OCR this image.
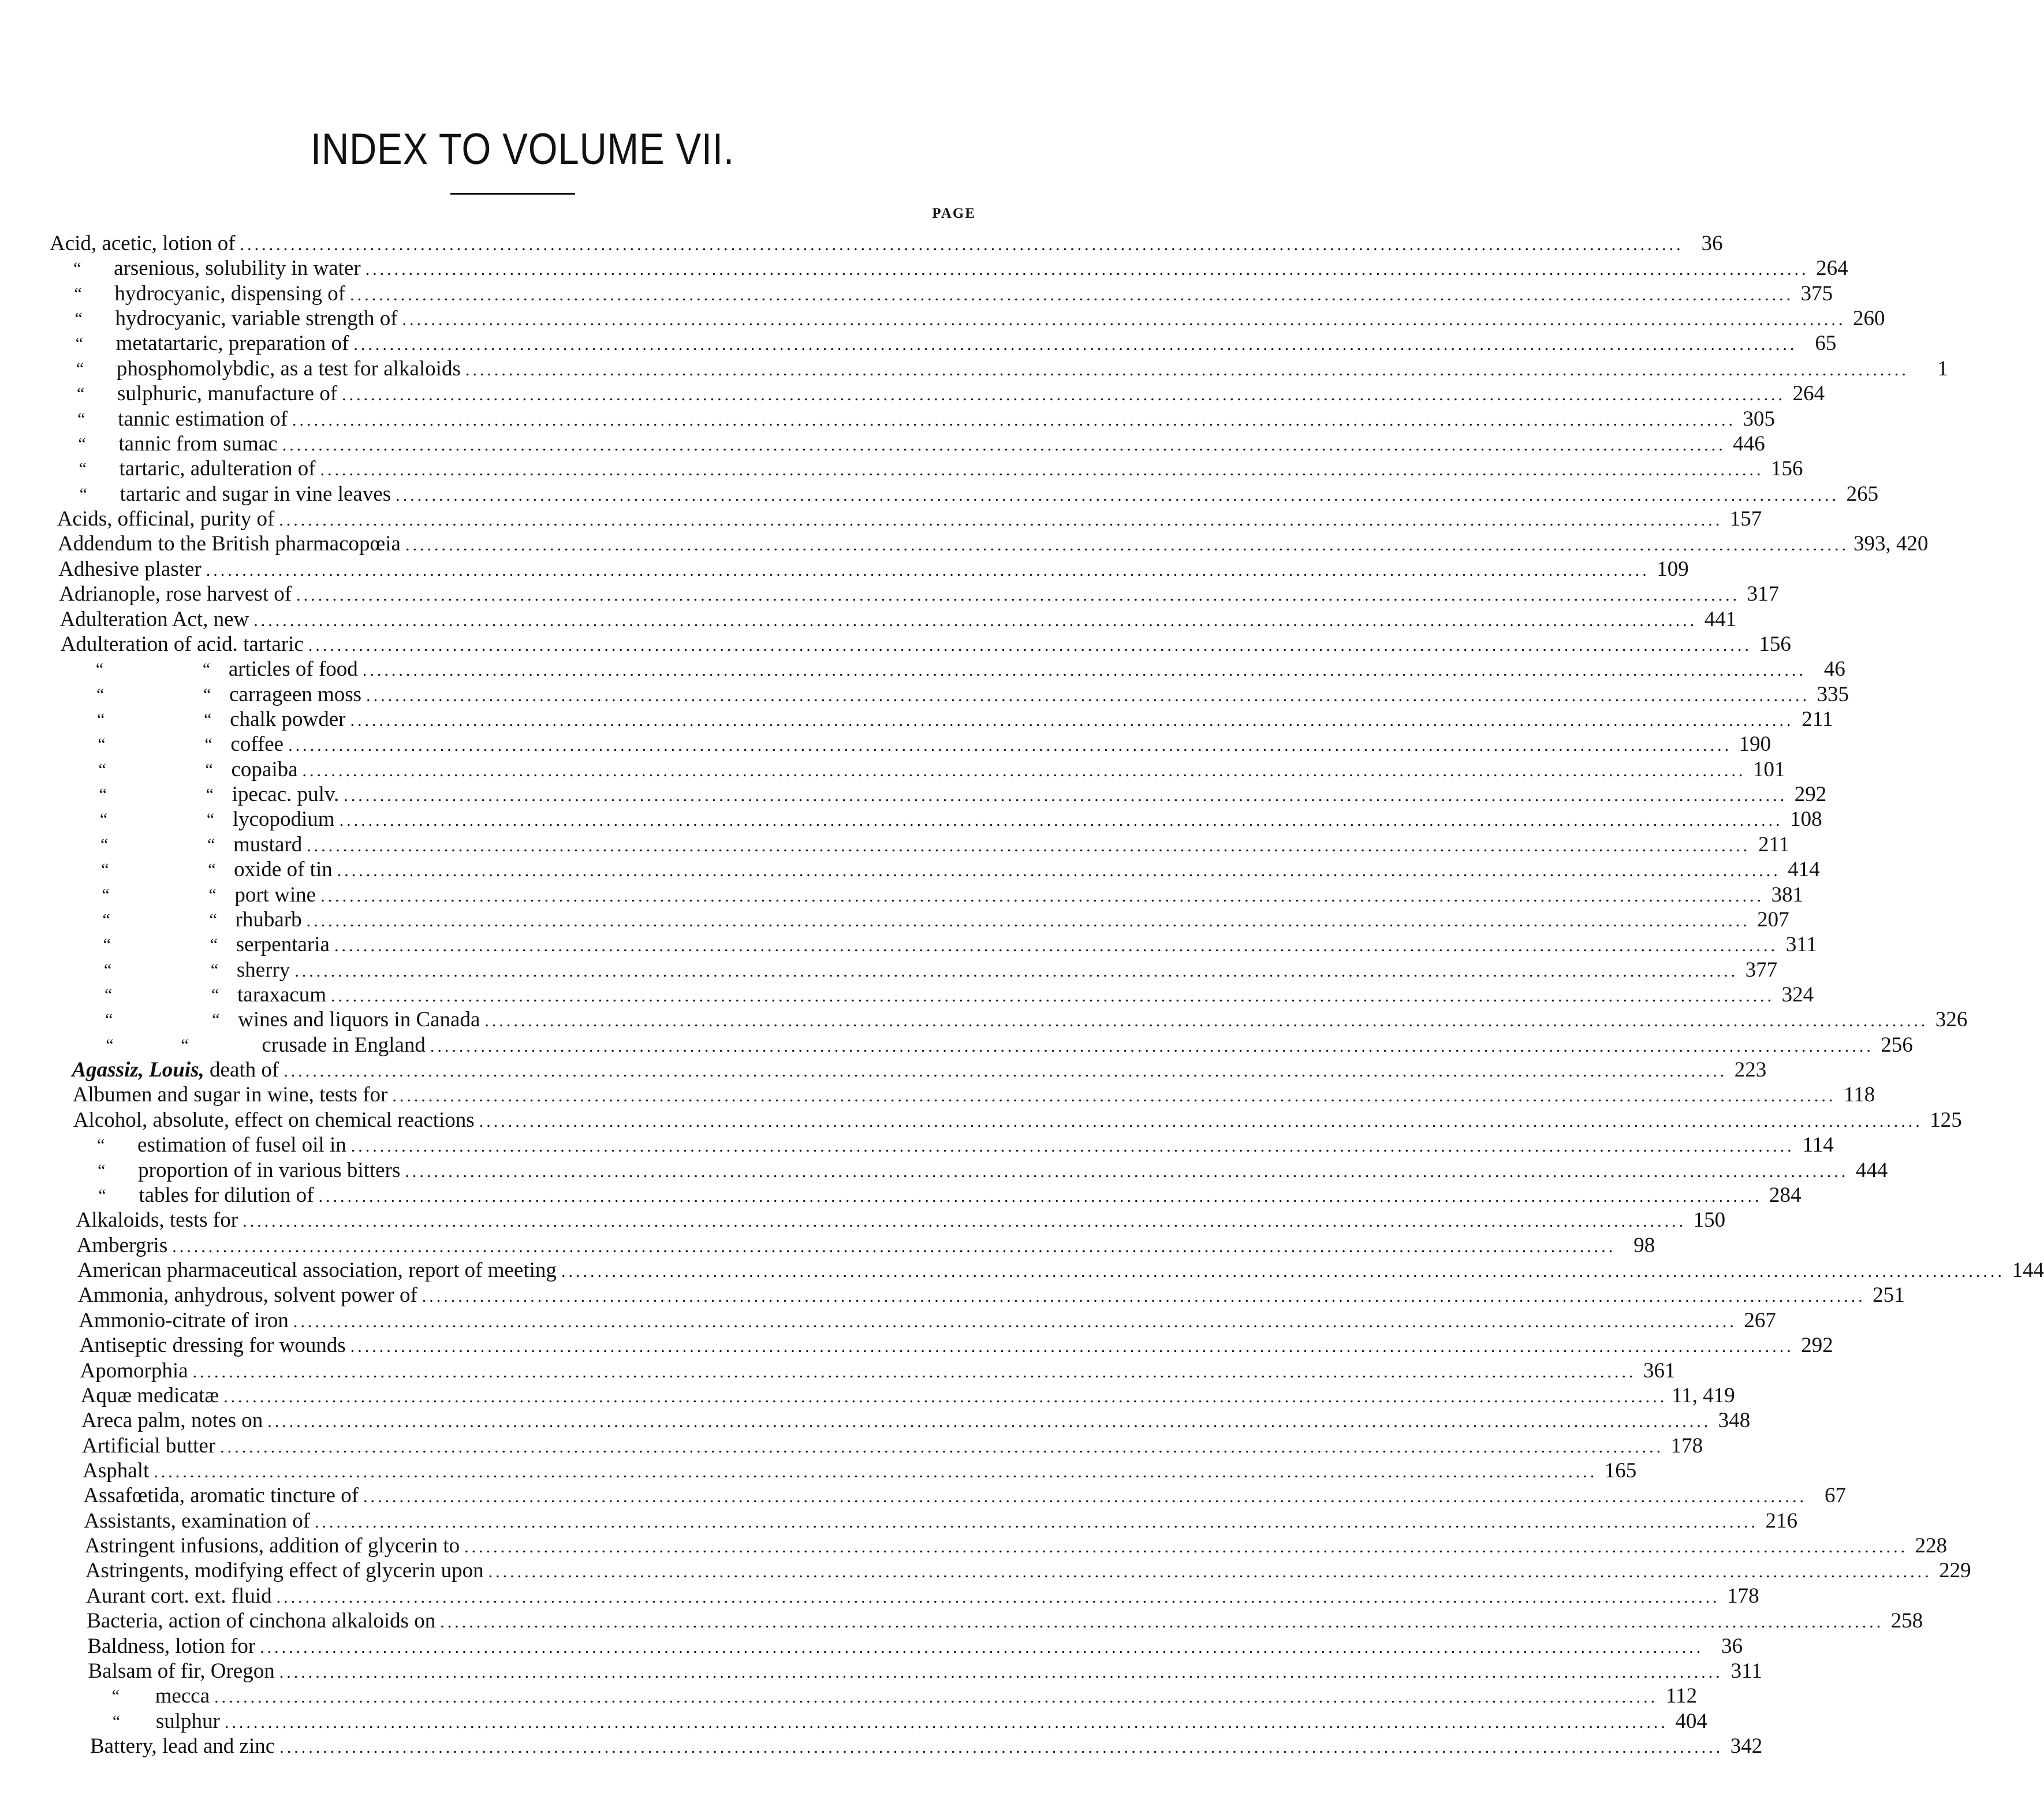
INDEX TO VOLUME VII.
PAGE
Acid, acetic, lotion of ........................................................................................................................................................................................................ 36
“ arsenious, solubility in water ........................................................................................................................................................................................................ 264
“ hydrocyanic, dispensing of ........................................................................................................................................................................................................ 375
“ hydrocyanic, variable strength of ........................................................................................................................................................................................................ 260
“ metatartaric, preparation of ........................................................................................................................................................................................................ 65
“ phosphomolybdic, as a test for alkaloids ........................................................................................................................................................................................................	1
“ sulphuric, manufacture of ........................................................................................................................................................................................................ 264
“ tannic estimation of ........................................................................................................................................................................................................ 305
“ tannic from sumac ........................................................................................................................................................................................................ 446
“ tartaric, adulteration of ........................................................................................................................................................................................................ 156
“ tartaric and sugar in vine leaves ........................................................................................................................................................................................................ 265
Acids, officinal, purity of ........................................................................................................................................................................................................ 157
Addendum to the British pharmacopœia ........................................................................................................................................................................................................ 393, 420
Adhesive plaster ........................................................................................................................................................................................................ 109
Adrianople, rose harvest of ........................................................................................................................................................................................................ 317
Adulteration Act, new ........................................................................................................................................................................................................ 441
Adulteration of acid. tartaric ........................................................................................................................................................................................................ 156
“	“ articles of food ........................................................................................................................................................................................................ 46
“	“ carrageen moss ........................................................................................................................................................................................................ 335
“	“ chalk powder ........................................................................................................................................................................................................ 211
“	“ coffee ........................................................................................................................................................................................................ 190
“	“ copaiba ........................................................................................................................................................................................................ 101
“	“ ipecac. pulv. ........................................................................................................................................................................................................ 292
“	“ lycopodium ........................................................................................................................................................................................................ 108
“	“ mustard ........................................................................................................................................................................................................ 211
“	“ oxide of tin ........................................................................................................................................................................................................ 414
“	“ port wine ........................................................................................................................................................................................................ 381
“	“ rhubarb ........................................................................................................................................................................................................ 207
“	“ serpentaria ........................................................................................................................................................................................................ 311
“	“ sherry ........................................................................................................................................................................................................ 377
“	“ taraxacum ........................................................................................................................................................................................................ 324
“	“ wines and liquors in Canada ........................................................................................................................................................................................................ 326
“	“	crusade in England ........................................................................................................................................................................................................ 256
Agassiz, Louis, death of ........................................................................................................................................................................................................ 223
Albumen and sugar in wine, tests for ........................................................................................................................................................................................................ 118
Alcohol, absolute, effect on chemical reactions ........................................................................................................................................................................................................ 125
“ estimation of fusel oil in ........................................................................................................................................................................................................ 114
“ proportion of in various bitters ........................................................................................................................................................................................................ 444
“ tables for dilution of ........................................................................................................................................................................................................ 284
Alkaloids, tests for ........................................................................................................................................................................................................ 150
Ambergris ........................................................................................................................................................................................................ 98
American pharmaceutical association, report of meeting ........................................................................................................................................................................................................ 144
Ammonia, anhydrous, solvent power of ........................................................................................................................................................................................................ 251
Ammonio-citrate of iron ........................................................................................................................................................................................................ 267
Antiseptic dressing for wounds ........................................................................................................................................................................................................ 292
Apomorphia ........................................................................................................................................................................................................ 361
Aquæ medicatæ ........................................................................................................................................................................................................ 11, 419
Areca palm, notes on ........................................................................................................................................................................................................ 348
Artificial butter ........................................................................................................................................................................................................ 178
Asphalt ........................................................................................................................................................................................................ 165
Assafœtida, aromatic tincture of ........................................................................................................................................................................................................ 67
Assistants, examination of ........................................................................................................................................................................................................ 216
Astringent infusions, addition of glycerin to ........................................................................................................................................................................................................ 228
Astringents, modifying effect of glycerin upon ........................................................................................................................................................................................................ 229
Aurant cort. ext. fluid ........................................................................................................................................................................................................ 178
Bacteria, action of cinchona alkaloids on ........................................................................................................................................................................................................ 258
Baldness, lotion for ........................................................................................................................................................................................................ 36
Balsam of fir, Oregon ........................................................................................................................................................................................................ 311
“ mecca ........................................................................................................................................................................................................ 112
“ sulphur ........................................................................................................................................................................................................ 404
Battery, lead and zinc ........................................................................................................................................................................................................ 342
